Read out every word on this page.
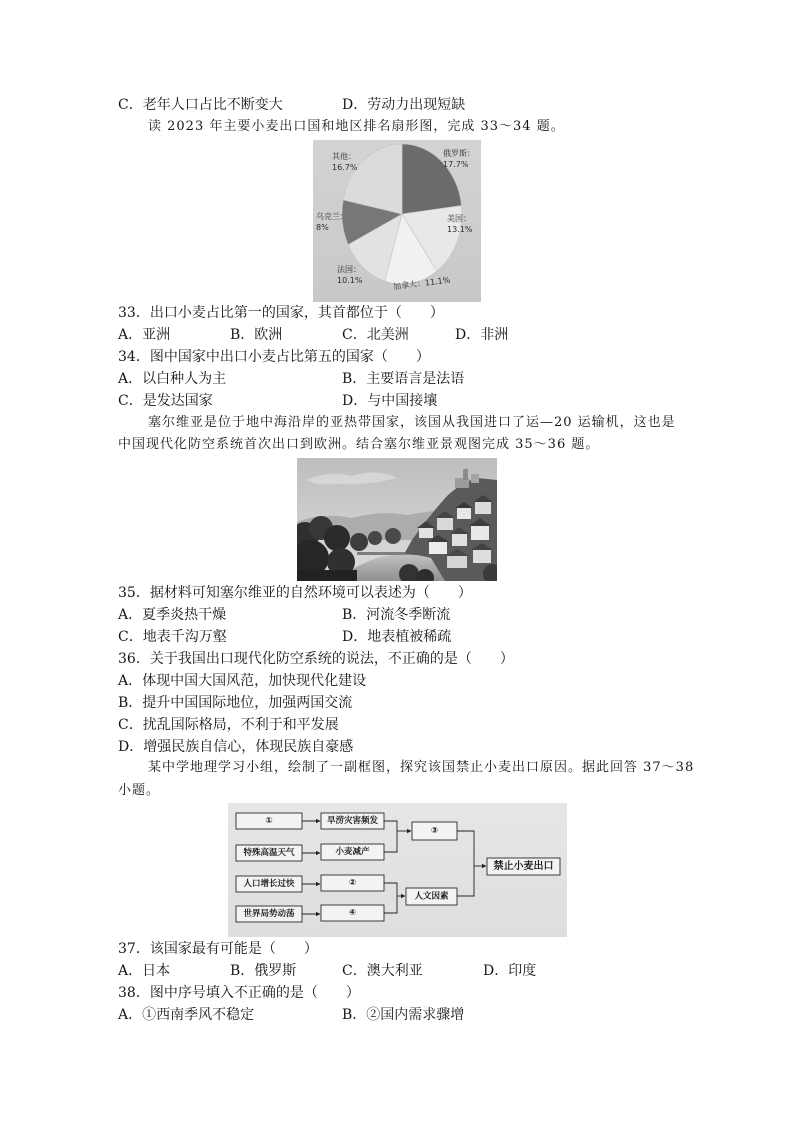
C．老年人口占比不断变大	D．劳动力出现短缺
读 2023 年主要小麦出口国和地区排名扇形图，完成 33～34 题。
俄罗斯：
17.7%
美国：
13.1%
加拿大：11.1%
法国：
10.1%
乌克兰：
8%
其他：
16.7%
33．出口小麦占比第一的国家，其首都位于（　　）
A．亚洲	B．欧洲	C．北美洲	D．非洲
34．图中国家中出口小麦占比第五的国家（　　）
A．以白种人为主	B．主要语言是法语
C．是发达国家	D．与中国接壤
塞尔维亚是位于地中海沿岸的亚热带国家，该国从我国进口了运—20 运输机，这也是
中国现代化防空系统首次出口到欧洲。结合塞尔维亚景观图完成 35～36 题。
35．据材料可知塞尔维亚的自然环境可以表述为（　　）
A．夏季炎热干燥	B．河流冬季断流
C．地表千沟万壑	D．地表植被稀疏
36．关于我国出口现代化防空系统的说法，不正确的是（　　）
A．体现中国大国风范，加快现代化建设
B．提升中国国际地位，加强两国交流
C．扰乱国际格局，不利于和平发展
D．增强民族自信心，体现民族自豪感
某中学地理学习小组，绘制了一副框图，探究该国禁止小麦出口原因。据此回答 37～38
小题。
①
特殊高温天气
人口增长过快
世界局势动荡
旱涝灾害频发
小麦减产
②
④
③
人文因素
禁止小麦出口
37．该国家最有可能是（　　）
A．日本	B．俄罗斯	C．澳大利亚	D．印度
38．图中序号填入不正确的是（　　）
A．①西南季风不稳定	B．②国内需求骤增
